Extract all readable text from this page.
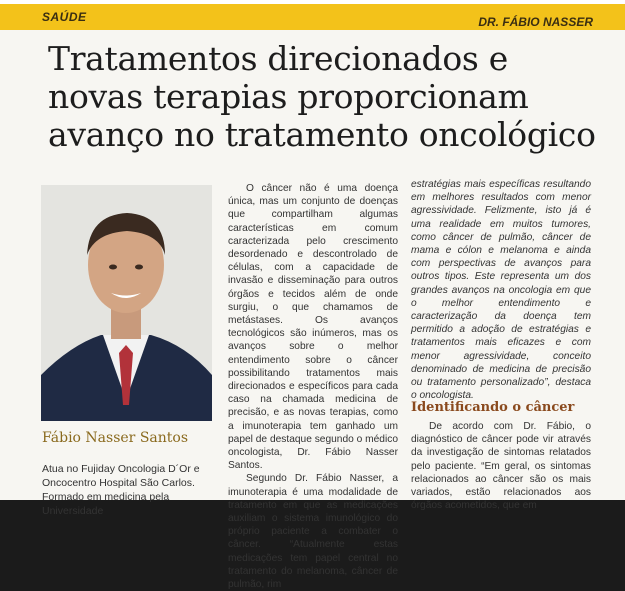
SAÚDE	DR. FÁBIO NASSER
Tratamentos direcionados e novas terapias proporcionam avanço no tratamento oncológico
Fábio Nasser Santos
Atua no Fujiday Oncologia D´Or e Oncocentro Hospital São Carlos. Formado em medicina pela Universidade

O câncer não é uma doença única, mas um conjunto de doenças que compartilham algumas características em comum caracterizada pelo crescimento desordenado e descontrolado de células, com a capacidade de invasão e disseminação para outros órgãos e tecidos além de onde surgiu, o que chamamos de metástases. Os avanços tecnológicos são inúmeros, mas os avanços sobre o melhor entendimento sobre o câncer possibilitando tratamentos mais direcionados e específicos para cada caso na chamada medicina de precisão, e as novas terapias, como a imunoterapia tem ganhado um papel de destaque segundo o médico oncologista, Dr. Fábio Nasser Santos.

Segundo Dr. Fábio Nasser, a imunoterapia é uma modalidade de tratamento em que as medicações auxiliam o sistema imunológico do próprio paciente a combater o câncer. “Atualmente estas medicações tem papel central no tratamento do melanoma, câncer de pulmão, rim

estratégias mais específicas resultando em melhores resultados com menor agressividade. Felizmente, isto já é uma realidade em muitos tumores, como câncer de pulmão, câncer de mama e cólon e melanoma e ainda com perspectivas de avanços para outros tipos. Este representa um dos grandes avanços na oncologia em que o melhor entendimento e caracterização da doença tem permitido a adoção de estratégias e tratamentos mais eficazes e com menor agressividade, conceito denominado de medicina de precisão ou tratamento personalizado”, destaca o oncologista.

Identificando o câncer

De acordo com Dr. Fábio, o diagnóstico de câncer pode vir através da investigação de sintomas relatados pelo paciente. “Em geral, os sintomas relacionados ao câncer são os mais variados, estão relacionados aos órgãos acometidos, que em
